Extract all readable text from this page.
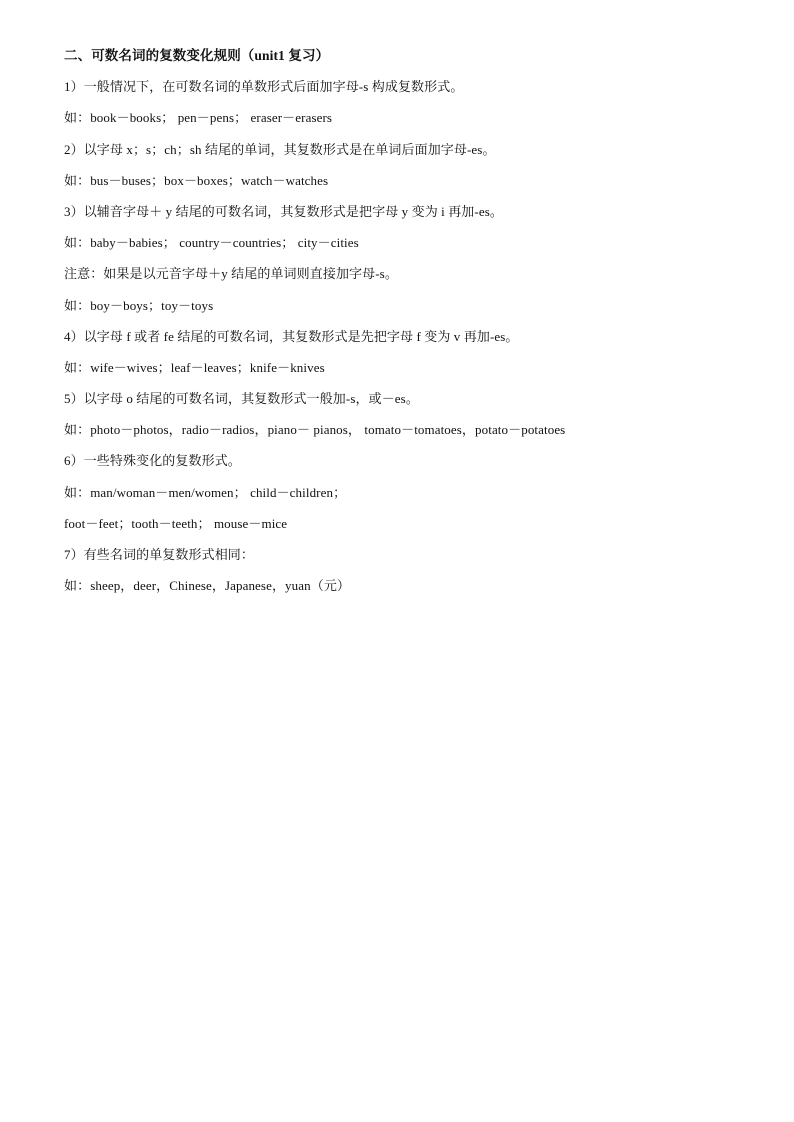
二、可数名词的复数变化规则（unit1 复习）
1）一般情况下，在可数名词的单数形式后面加字母-s 构成复数形式。
如：book－books； pen－pens； eraser－erasers
2）以字母 x；s；ch；sh 结尾的单词，其复数形式是在单词后面加字母-es。
如：bus－buses；box－boxes；watch－watches
3）以辅音字母＋ y 结尾的可数名词，其复数形式是把字母 y 变为 i 再加-es。
如：baby－babies； country－countries； city－cities
注意：如果是以元音字母＋y 结尾的单词则直接加字母-s。
如：boy－boys；toy－toys
4）以字母 f 或者 fe 结尾的可数名词，其复数形式是先把字母 f 变为 v 再加-es。
如：wife－wives；leaf－leaves；knife－knives
5）以字母 o 结尾的可数名词，其复数形式一般加-s，或－es。
如：photo－photos，radio－radios，piano－ pianos， tomato－tomatoes，potato－potatoes
6）一些特殊变化的复数形式。
如：man/woman－men/women； child－children；
foot－feet；tooth－teeth； mouse－mice
7）有些名词的单复数形式相同：
如：sheep，deer，Chinese，Japanese，yuan（元）
